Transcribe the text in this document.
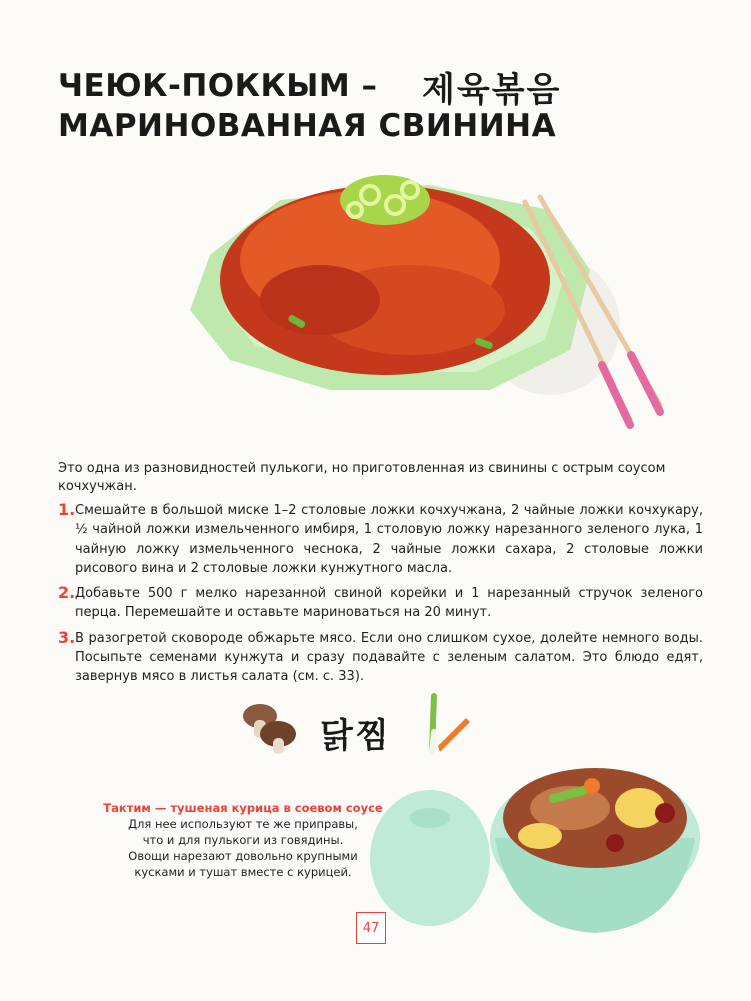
ЧЕЮК-ПОККЫМ –
МАРИНОВАННАЯ СВИНИНА
제육볶음

Это одна из разновидностей пулькоги, но приготовленная из свинины с острым соусом кочхучжан.

1. Смешайте в большой миске 1–2 столовые ложки кочхучжана, 2 чайные ложки кочхукару, ½ чайной ложки измельченного имбиря, 1 столовую ложку нарезанного зеленого лука, 1 чайную ложку измельченного чеснока, 2 чайные ложки сахара, 2 столовые ложки рисового вина и 2 столовые ложки кунжутного масла.
2. Добавьте 500 г мелко нарезанной свиной корейки и 1 нарезанный стручок зеленого перца. Перемешайте и оставьте мариноваться на 20 минут.
3. В разогретой сковороде обжарьте мясо. Если оно слишком сухое, долейте немного воды. Посыпьте семенами кунжута и сразу подавайте с зеленым салатом. Это блюдо едят, завернув мясо в листья салата (см. с. 33).
닭찜
Тактим — тушеная курица в соевом соусе
Для нее используют те же приправы,
что и для пулькоги из говядины.
Овощи нарезают довольно крупными
кусками и тушат вместе с курицей.
47
